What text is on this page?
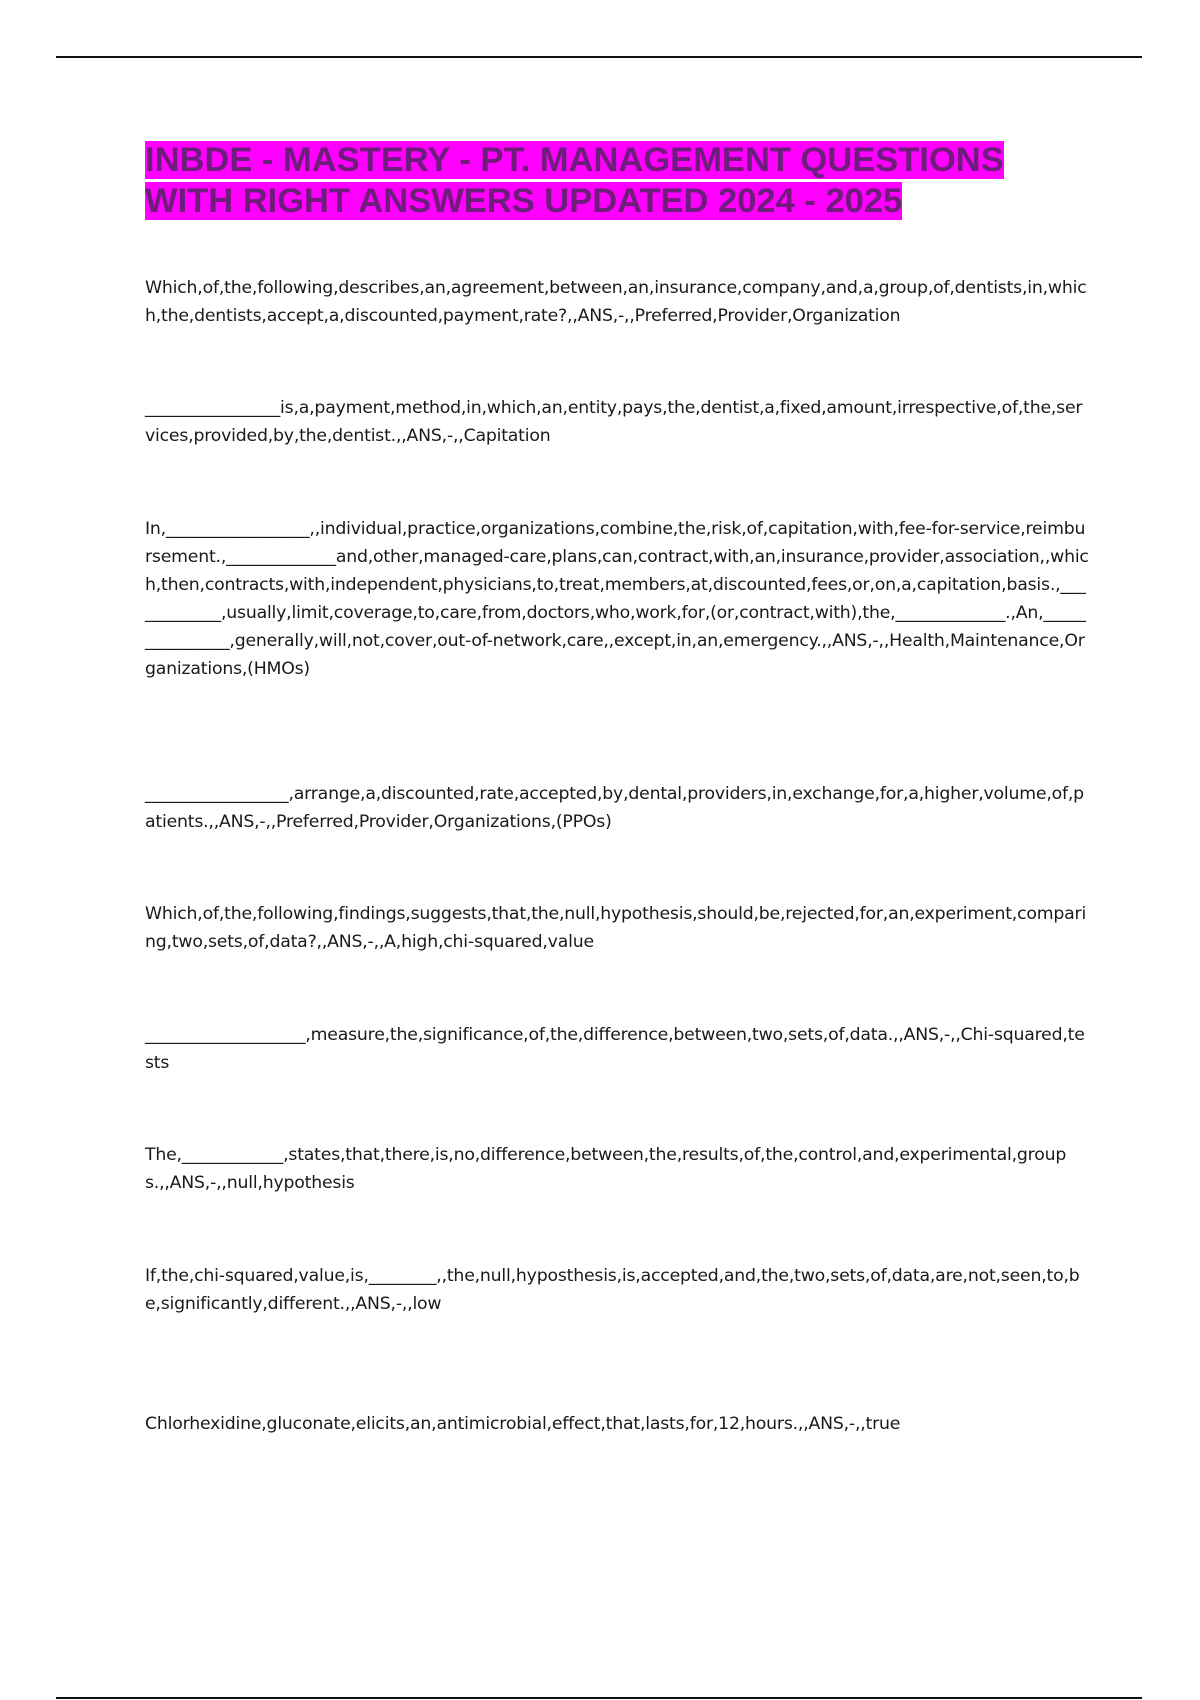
INBDE - MASTERY - PT. MANAGEMENT QUESTIONS
WITH RIGHT ANSWERS UPDATED 2024 - 2025
Which,of,the,following,describes,an,agreement,between,an,insurance,company,and,a,group,of,dentists,in,which,the,dentists,accept,a,discounted,payment,rate?,,ANS,-,,Preferred,Provider,Organization
________________is,a,payment,method,in,which,an,entity,pays,the,dentist,a,fixed,amount,irrespective,of,the,services,provided,by,the,dentist.,,ANS,-,,Capitation
In,_________________,,individual,practice,organizations,combine,the,risk,of,capitation,with,fee-for-service,reimbursement.,_____________and,other,managed-care,plans,can,contract,with,an,insurance,provider,association,,which,then,contracts,with,independent,physicians,to,treat,members,at,discounted,fees,or,on,a,capitation,basis.,____________,usually,limit,coverage,to,care,from,doctors,who,work,for,(or,contract,with),the,_____________.,An,_______________,generally,will,not,cover,out-of-network,care,,except,in,an,emergency.,,ANS,-,,Health,Maintenance,Organizations,(HMOs)
_________________,arrange,a,discounted,rate,accepted,by,dental,providers,in,exchange,for,a,higher,volume,of,patients.,,ANS,-,,Preferred,Provider,Organizations,(PPOs)
Which,of,the,following,findings,suggests,that,the,null,hypothesis,should,be,rejected,for,an,experiment,comparing,two,sets,of,data?,,ANS,-,,A,high,chi-squared,value
___________________,measure,the,significance,of,the,difference,between,two,sets,of,data.,,ANS,-,,Chi-squared,tests
The,____________,states,that,there,is,no,difference,between,the,results,of,the,control,and,experimental,groups.,,ANS,-,,null,hypothesis
If,the,chi-squared,value,is,________,,the,null,hyposthesis,is,accepted,and,the,two,sets,of,data,are,not,seen,to,be,significantly,different.,,ANS,-,,low
Chlorhexidine,gluconate,elicits,an,antimicrobial,effect,that,lasts,for,12,hours.,,ANS,-,,true
